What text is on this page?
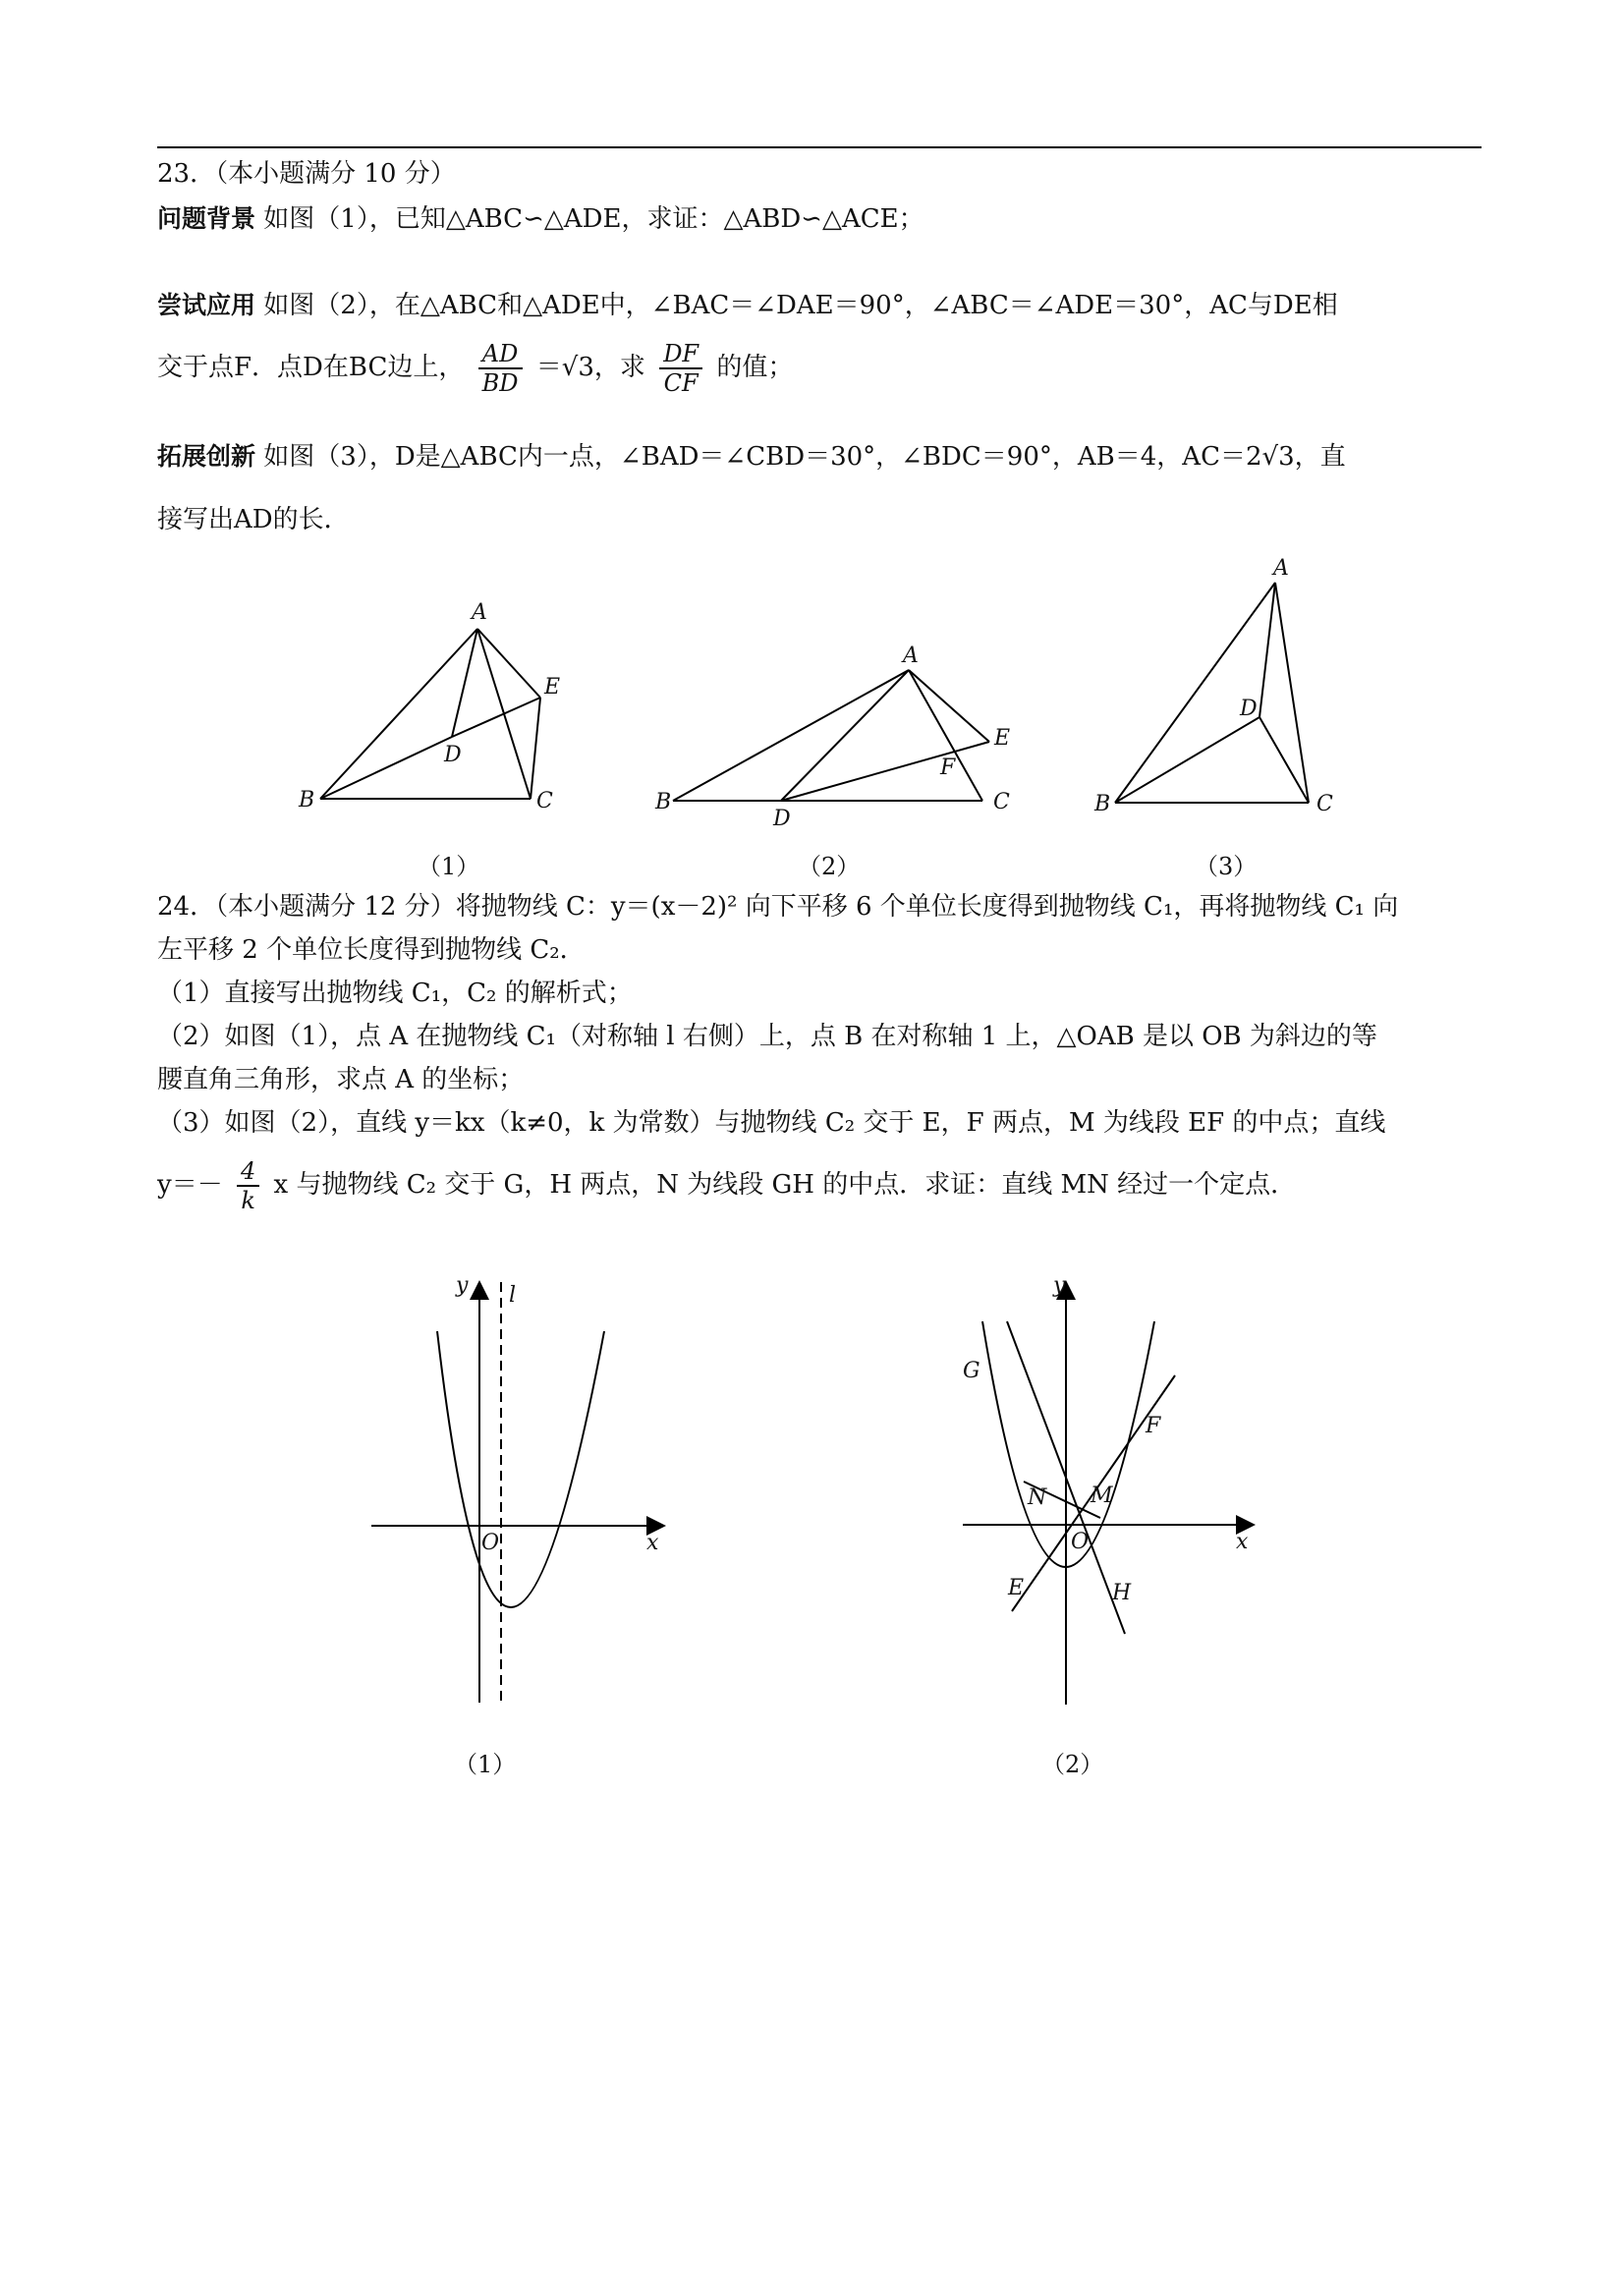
23．（本小题满分 10 分）
问题背景 如图（1），已知△ABC∽△ADE，求证：△ABD∽△ACE；
尝试应用 如图（2），在△ABC和△ADE中，∠BAC＝∠DAE＝90°，∠ABC＝∠ADE＝30°，AC与DE相
交于点F．点D在BC边上， $\frac{AD}{BD} =√3$，求 $\frac{DF}{CF}$ 的值；
拓展创新 如图（3），D是△ABC内一点，∠BAD＝∠CBD＝30°，∠BDC＝90°，AB＝4，AC＝2√3，直
接写出AD的长．
A
B	C
D
E
（1）
A
B	C
D
E
F
（2）
A
B	C
D
（3）
24．（本小题满分 12 分）将抛物线 C：y＝(x－2)² 向下平移 6 个单位长度得到抛物线 C₁，再将抛物线 C₁ 向
左平移 2 个单位长度得到抛物线 C₂．
（1）直接写出抛物线 C₁，C₂ 的解析式；
（2）如图（1），点 A 在抛物线 C₁（对称轴 l 右侧）上，点 B 在对称轴 1 上，△OAB 是以 OB 为斜边的等
腰直角三角形，求点 A 的坐标；
（3）如图（2），直线 y＝kx（k≠0，k 为常数）与抛物线 C₂ 交于 E，F 两点，M 为线段 EF 的中点；直线
$y=- \frac{4}{k}$ x 与抛物线 C₂ 交于 G，H 两点，N 为线段 GH 的中点．求证：直线 MN 经过一个定点．
y l
O	x
（1）
y
G
F
N M
O	x
E	H
（2）
